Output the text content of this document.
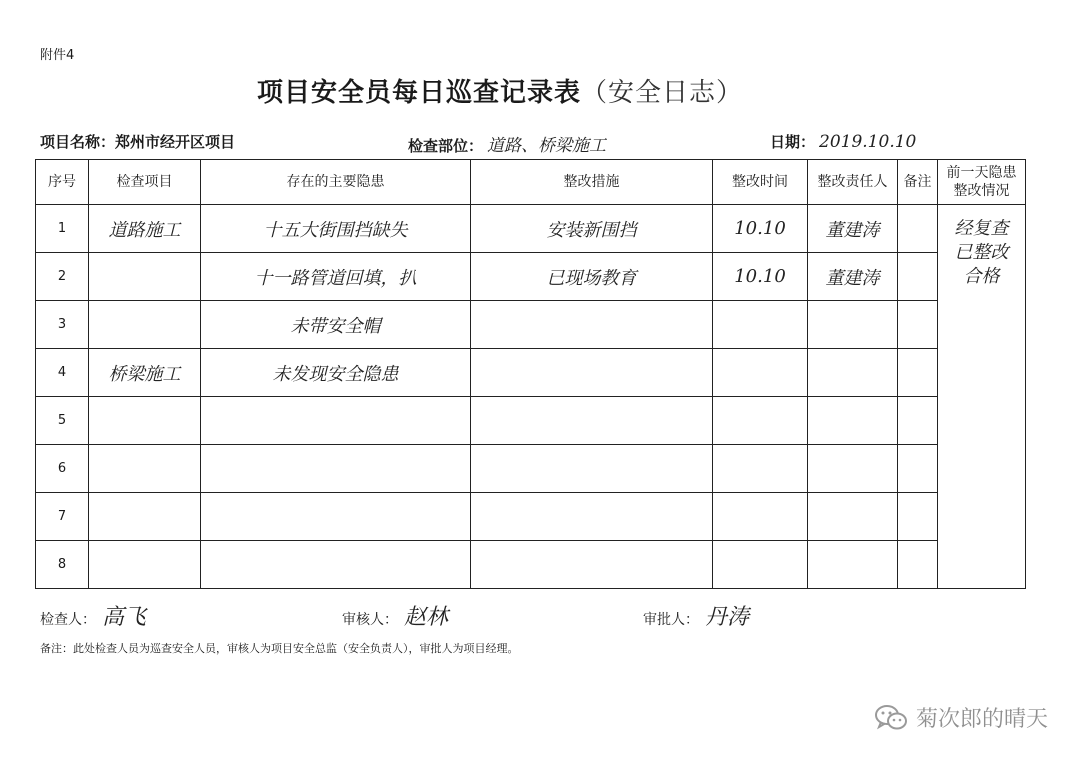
附件4
项目安全员每日巡查记录表（安全日志）
项目名称：郑州市经开区项目	检查部位： 道路、桥梁施工	日期： 2019.10.10
序号	检查项目	存在的主要隐患	整改措施	整改时间	整改责任人	备注	前一天隐患
整改情况
1	道路施工	十五大街围挡缺失	安装新围挡	10.10	董建涛		经复查
已整改
合格

2		十一路管道回填，扒	已现场教育	10.10	董建涛		
3		未带安全帽					
4	桥梁施工	未发现安全隐患					
5							
6							
7							
8							
检查人： 高飞	审核人： 赵林	审批人： 丹涛
备注：此处检查人员为巡查安全人员，审核人为项目安全总监（安全负责人），审批人为项目经理。
菊次郎的晴天
